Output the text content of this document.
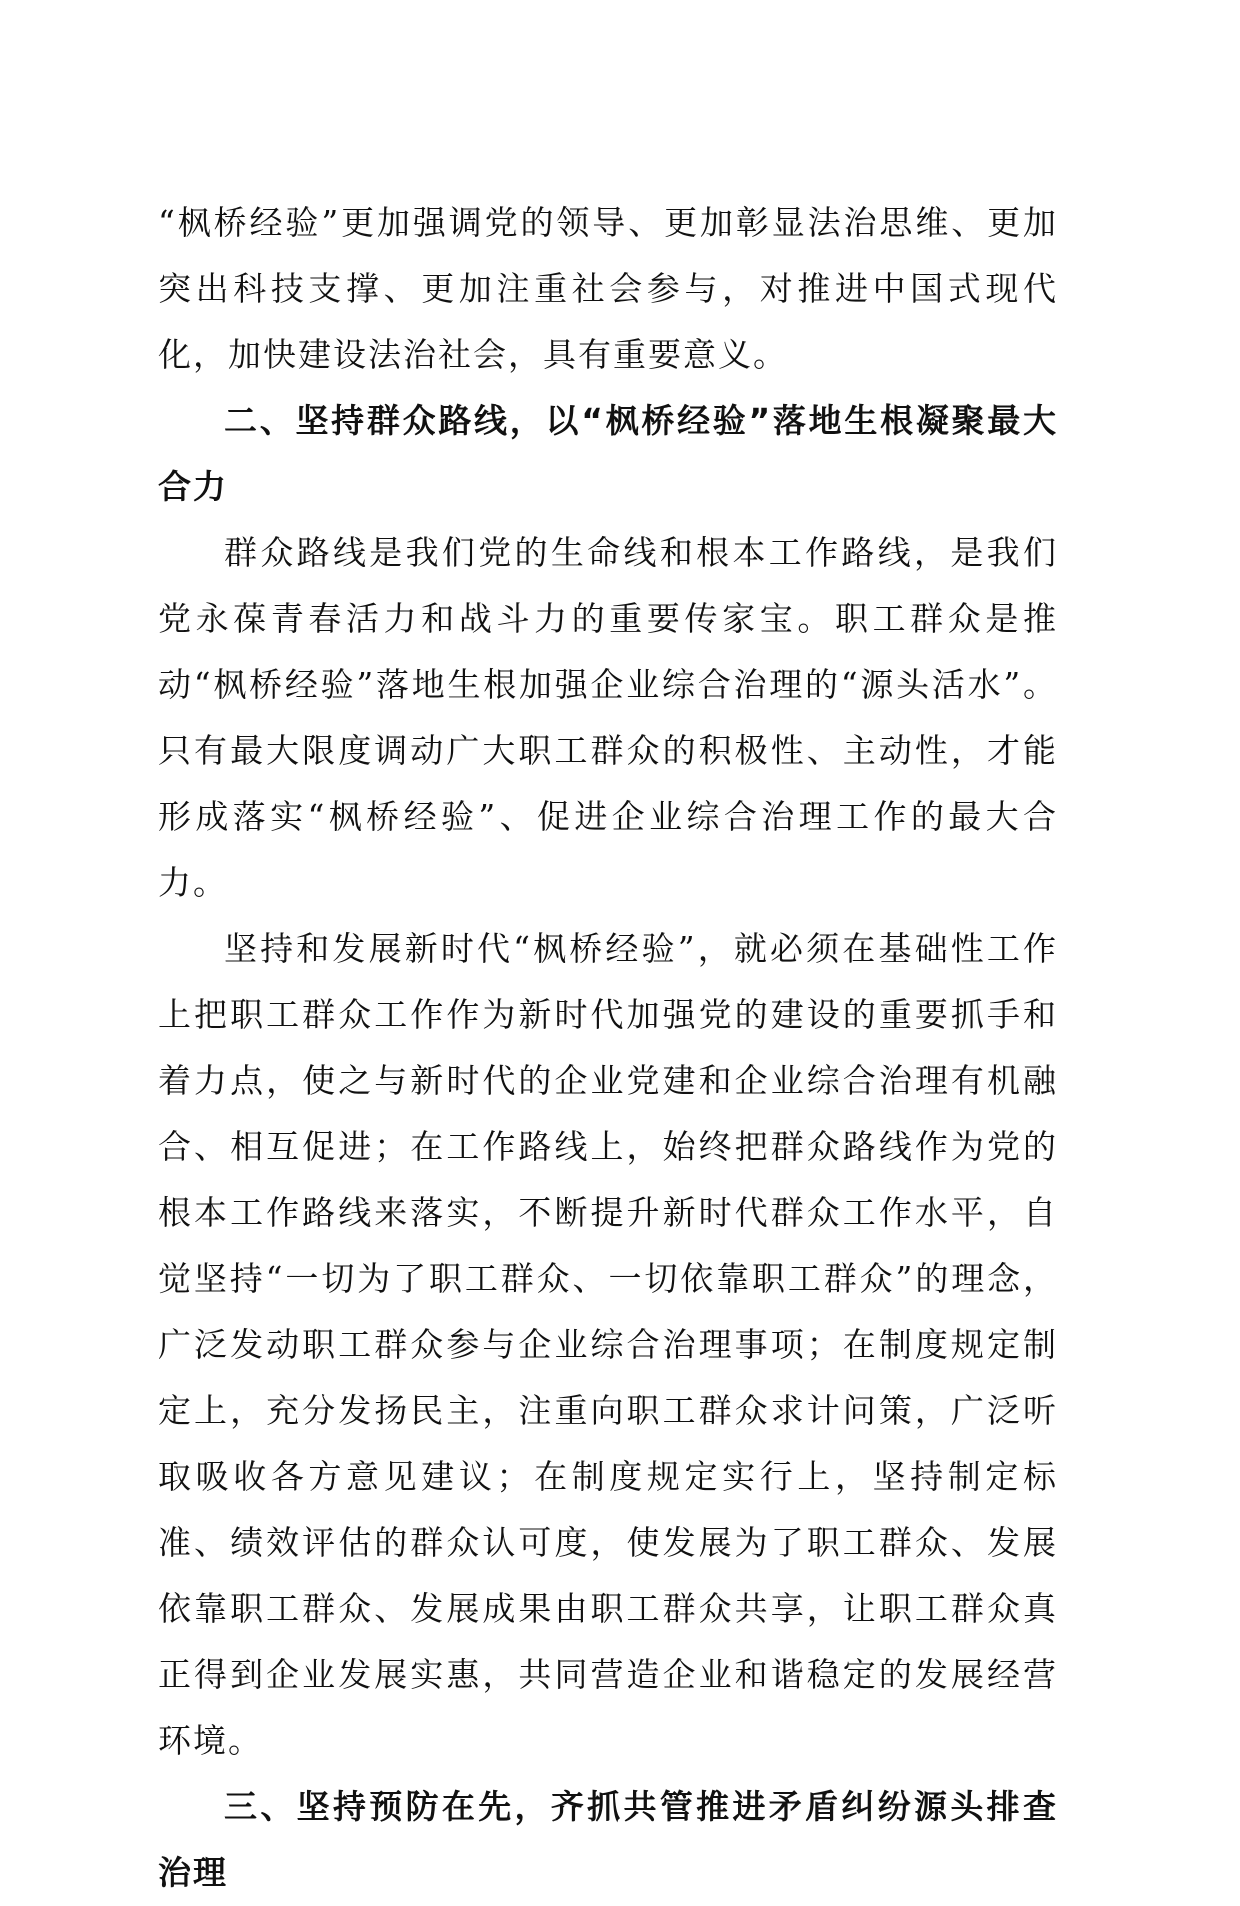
“枫桥经验”更加强调党的领导、更加彰显法治思维、更加突出科技支撑、更加注重社会参与，对推进中国式现代化，加快建设法治社会，具有重要意义。

二、坚持群众路线，以“枫桥经验”落地生根凝聚最大合力

群众路线是我们党的生命线和根本工作路线，是我们党永葆青春活力和战斗力的重要传家宝。职工群众是推动“枫桥经验”落地生根加强企业综合治理的“源头活水”。只有最大限度调动广大职工群众的积极性、主动性，才能形成落实“枫桥经验”、促进企业综合治理工作的最大合力。

坚持和发展新时代“枫桥经验”，就必须在基础性工作上把职工群众工作作为新时代加强党的建设的重要抓手和着力点，使之与新时代的企业党建和企业综合治理有机融合、相互促进；在工作路线上，始终把群众路线作为党的根本工作路线来落实，不断提升新时代群众工作水平，自觉坚持“一切为了职工群众、一切依靠职工群众”的理念，广泛发动职工群众参与企业综合治理事项；在制度规定制定上，充分发扬民主，注重向职工群众求计问策，广泛听取吸收各方意见建议；在制度规定实行上，坚持制定标准、绩效评估的群众认可度，使发展为了职工群众、发展依靠职工群众、发展成果由职工群众共享，让职工群众真正得到企业发展实惠，共同营造企业和谐稳定的发展经营环境。

三、坚持预防在先，齐抓共管推进矛盾纠纷源头排查治理
